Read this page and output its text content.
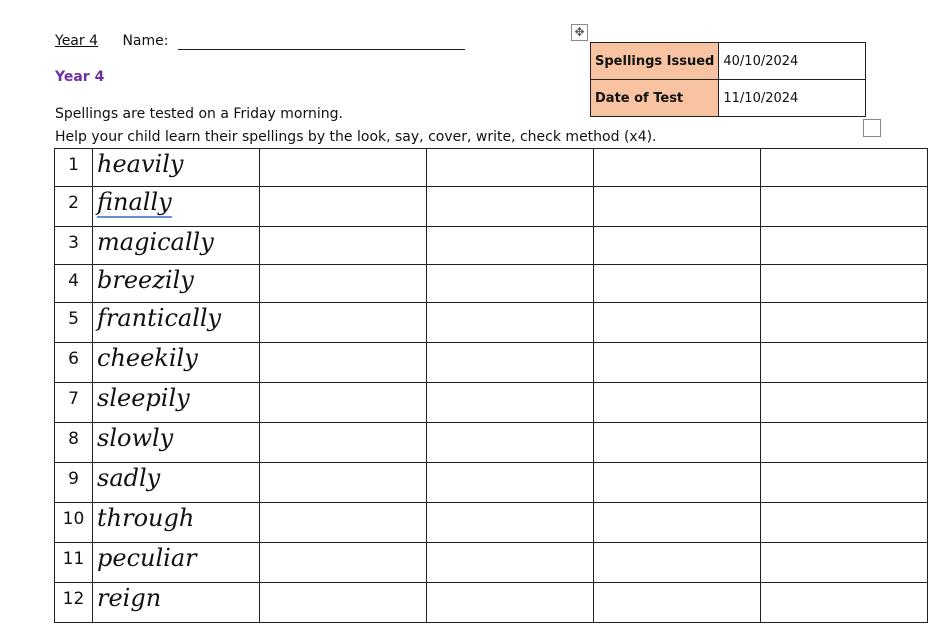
Year 4 Name:
Year 4
✥
Spellings Issued	40/10/2024
Date of Test	11/10/2024
Spellings are tested on a Friday morning.
Help your child learn their spellings by the look, say, cover, write, check method (x4).
1	heavily				
2	finally				
3	magically				
4	breezily				
5	frantically				
6	cheekily				
7	sleepily				
8	slowly				
9	sadly				
10	through				
11	peculiar				
12	reign				
